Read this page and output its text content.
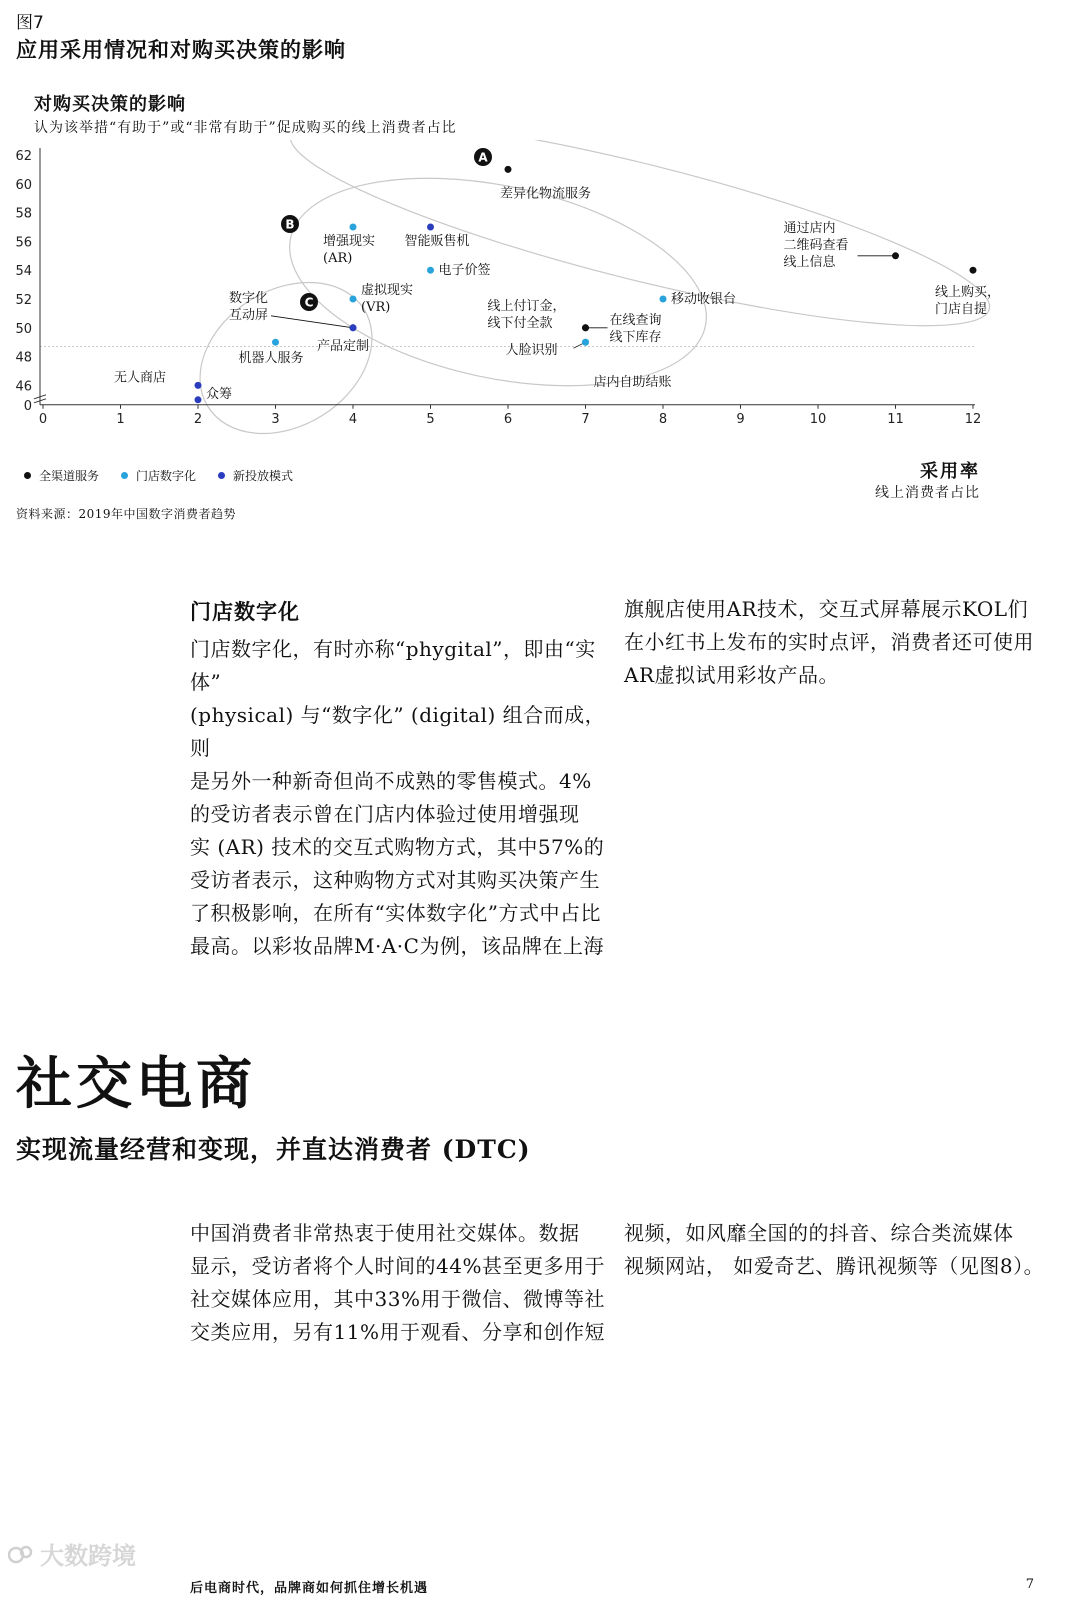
图7
应用采用情况和对购买决策的影响
对购买决策的影响
认为该举措“有助于”或“非常有助于”促成购买的线上消费者占比
62
60
58
56
54
52
50
48
46
0
0	1	2	3	4	5	6	7	8	9	10	11	12
A
B
C
差异化物流服务
通过店内
二维码查看
线上信息
线上购买，
门店自提
线上付订金，
线下付全款	在线查询
线下库存
增强现实
(AR)
电子价签
虚拟现实
(VR)
移动收银台
机器人服务
人脸识别
店内自助结账
智能贩售机
数字化
互动屏
产品定制
无人商店
众筹
全渠道服务	门店数字化	新投放模式	采用率
线上消费者占比
资料来源：2019年中国数字消费者趋势
门店数字化

门店数字化，有时亦称“phygital”，即由“实体”
(physical) 与“数字化” (digital) 组合而成，则
是另外一种新奇但尚不成熟的零售模式。4%
的受访者表示曾在门店内体验过使用增强现
实 (AR) 技术的交互式购物方式，其中57%的
受访者表示，这种购物方式对其购买决策产生
了积极影响，在所有“实体数字化”方式中占比
最高。以彩妆品牌M·A·C为例，该品牌在上海

旗舰店使用AR技术，交互式屏幕展示KOL们
在小红书上发布的实时点评，消费者还可使用
AR虚拟试用彩妆产品。

社交电商
实现流量经营和变现，并直达消费者 (DTC)

中国消费者非常热衷于使用社交媒体。数据
显示，受访者将个人时间的44%甚至更多用于
社交媒体应用，其中33%用于微信、微博等社
交类应用，另有11%用于观看、分享和创作短

视频，如风靡全国的的抖音、综合类流媒体
视频网站， 如爱奇艺、腾讯视频等（见图8）。

大数跨境
后电商时代，品牌商如何抓住增长机遇	7
